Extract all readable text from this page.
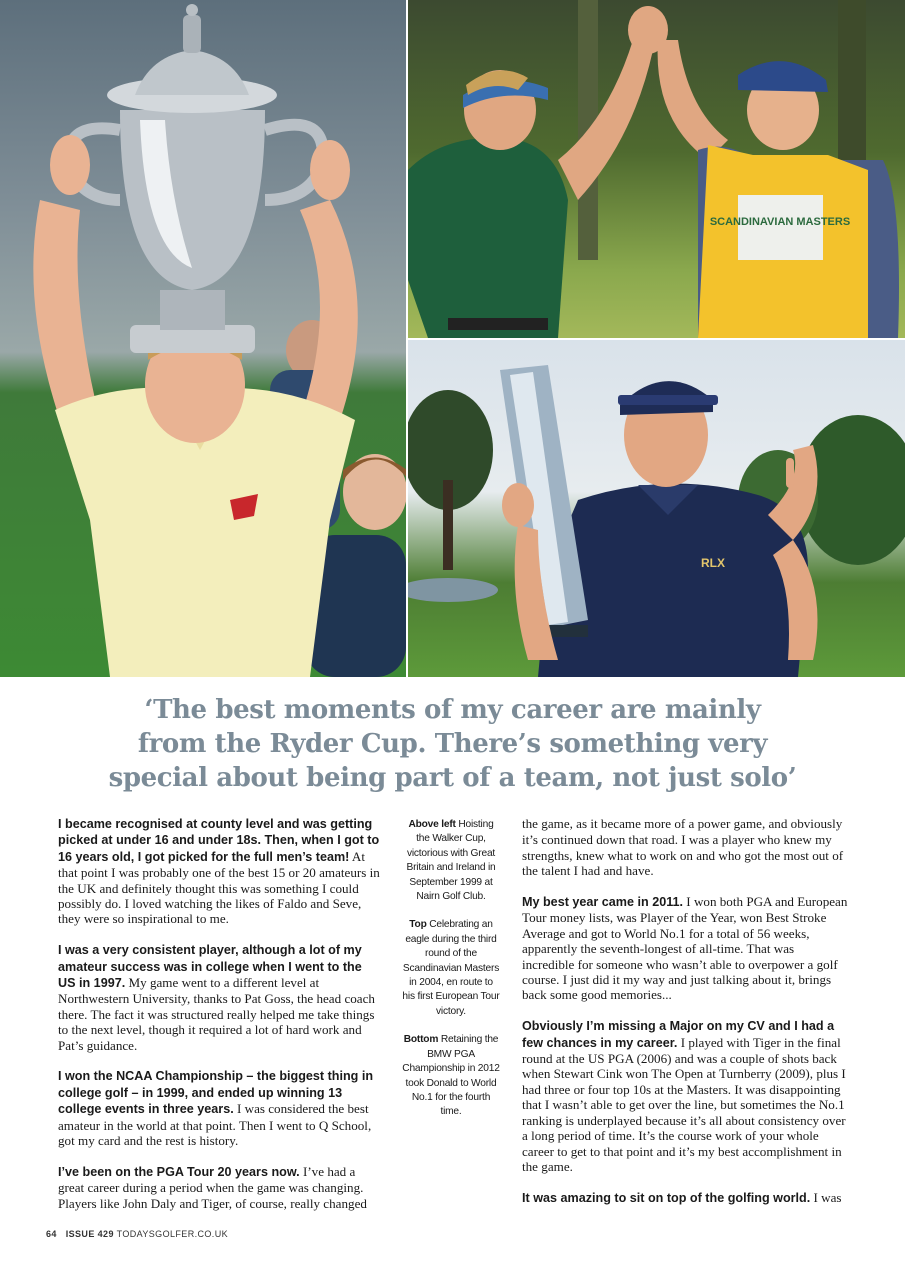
SCANDINAVIAN MASTERS
RLX
‘The best moments of my career are mainly
from the Ryder Cup. There’s something very
special about being part of a team, not just solo’

I became recognised at county level and was getting picked at under 16 and under 18s. Then, when I got to 16 years old, I got picked for the full men’s team! At that point I was probably one of the best 15 or 20 amateurs in the UK and definitely thought this was something I could possibly do. I loved watching the likes of Faldo and Seve, they were so inspirational to me.

I was a very consistent player, although a lot of my amateur success was in college when I went to the US in 1997. My game went to a different level at Northwestern University, thanks to Pat Goss, the head coach there. The fact it was structured really helped me take things to the next level, though it required a lot of hard work and Pat’s guidance.

I won the NCAA Championship – the biggest thing in college golf – in 1999, and ended up winning 13 college events in three years. I was considered the best amateur in the world at that point. Then I went to Q School, got my card and the rest is history.

I’ve been on the PGA Tour 20 years now. I’ve had a great career during a period when the game was changing. Players like John Daly and Tiger, of course, really changed

Above left Hoisting the Walker Cup, victorious with Great Britain and Ireland in September 1999 at Nairn Golf Club.

Top Celebrating an eagle during the third round of the Scandinavian Masters in 2004, en route to his first European Tour victory.

Bottom Retaining the BMW PGA Championship in 2012 took Donald to World No.1 for the fourth time.

the game, as it became more of a power game, and obviously it’s continued down that road. I was a player who knew my strengths, knew what to work on and who got the most out of the talent I had and have.

My best year came in 2011. I won both PGA and European Tour money lists, was Player of the Year, won Best Stroke Average and got to World No.1 for a total of 56 weeks, apparently the seventh-longest of all-time. That was incredible for someone who wasn’t able to overpower a golf course. I just did it my way and just talking about it, brings back some good memories...

Obviously I’m missing a Major on my CV and I had a few chances in my career. I played with Tiger in the final round at the US PGA (2006) and was a couple of shots back when Stewart Cink won The Open at Turnberry (2009), plus I had three or four top 10s at the Masters. It was disappointing that I wasn’t able to get over the line, but sometimes the No.1 ranking is underplayed because it’s all about consistency over a long period of time. It’s the course work of your whole career to get to that point and it’s my best accomplishment in the game.

It was amazing to sit on top of the golfing world. I was

64 ISSUE 429 TODAYSGOLFER.CO.UK
